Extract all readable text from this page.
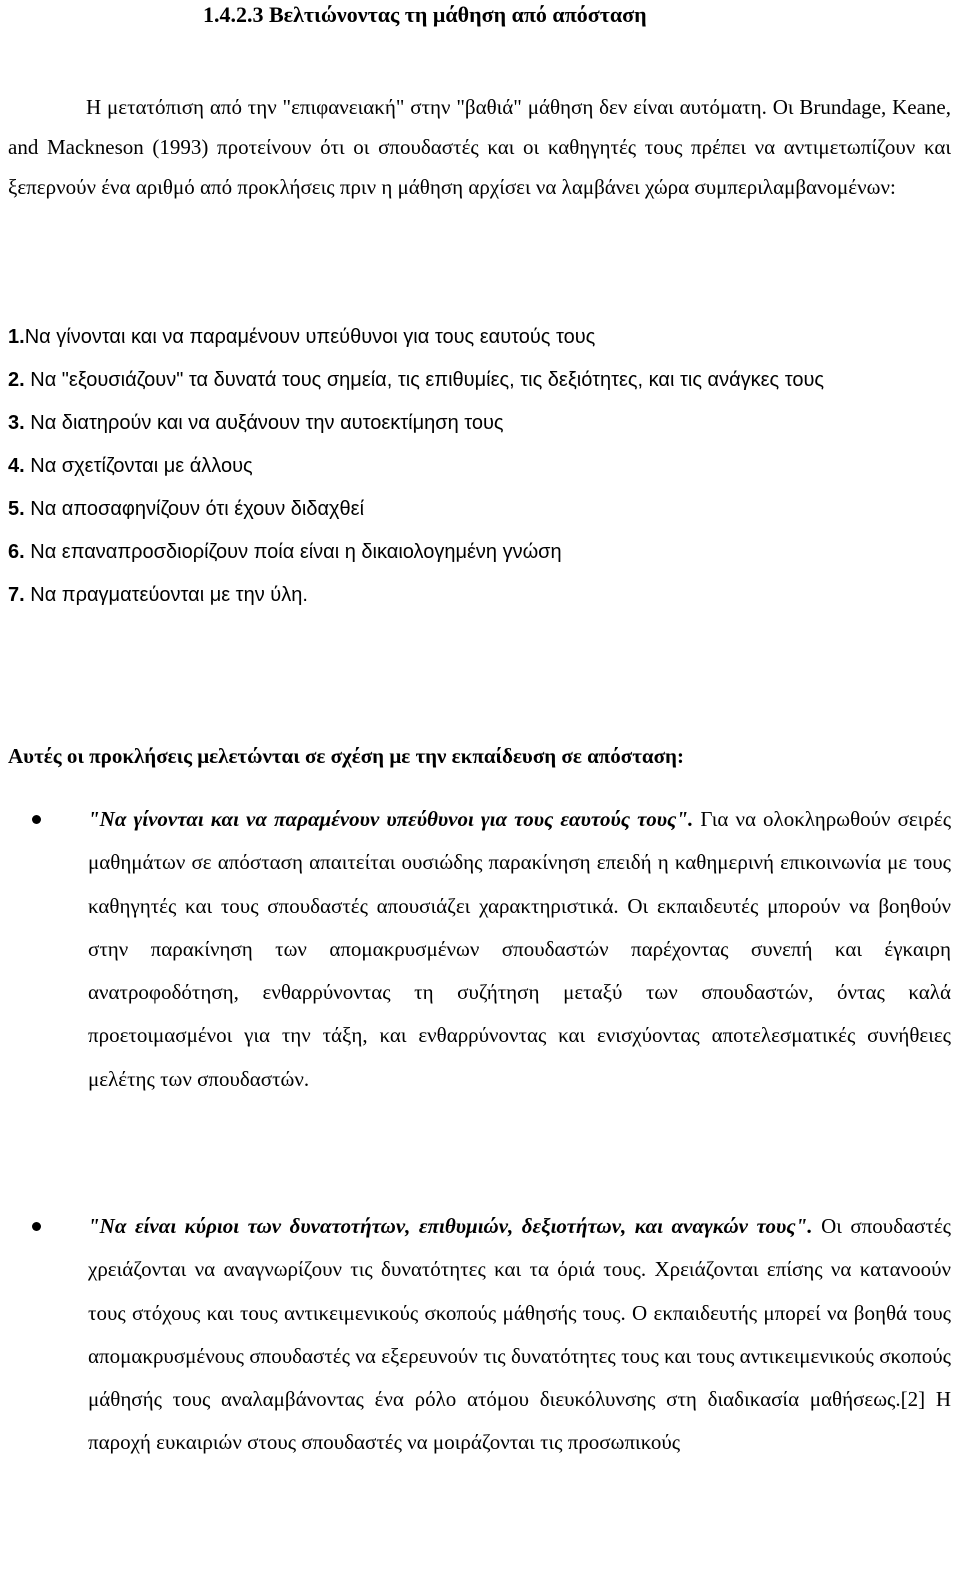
1.4.2.3 Βελτιώνοντας τη μάθηση από απόσταση

Η μετατόπιση από την "επιφανειακή" στην "βαθιά" μάθηση δεν είναι αυτόματη. Οι Brundage, Keane, and Mackneson (1993) προτείνουν ότι οι σπουδαστές και οι καθηγητές τους πρέπει να αντιμετωπίζουν και ξεπερνούν ένα αριθμό από προκλήσεις πριν η μάθηση αρχίσει να λαμβάνει χώρα συμπεριλαμβανομένων:

1.Να γίνονται και να παραμένουν υπεύθυνοι για τους εαυτούς τους
2. Να "εξουσιάζουν" τα δυνατά τους σημεία, τις επιθυμίες, τις δεξιότητες, και τις ανάγκες τους
3. Να διατηρούν και να αυξάνουν την αυτοεκτίμηση τους
4. Να σχετίζονται με άλλους
5. Να αποσαφηνίζουν ότι έχουν διδαχθεί
6. Να επαναπροσδιορίζουν ποία είναι η δικαιολογημένη γνώση
7. Να πραγματεύονται με την ύλη.

Αυτές οι προκλήσεις μελετώνται σε σχέση με την εκπαίδευση σε απόσταση:

"Να γίνονται και να παραμένουν υπεύθυνοι για τους εαυτούς τους". Για να ολοκληρωθούν σειρές μαθημάτων σε απόσταση απαιτείται ουσιώδης παρακίνηση επειδή η καθημερινή επικοινωνία με τους καθηγητές και τους σπουδαστές απουσιάζει χαρακτηριστικά. Οι εκπαιδευτές μπορούν να βοηθούν στην παρακίνηση των απομακρυσμένων σπουδαστών παρέχοντας συνεπή και έγκαιρη ανατροφοδότηση, ενθαρρύνοντας τη συζήτηση μεταξύ των σπουδαστών, όντας καλά προετοιμασμένοι για την τάξη, και ενθαρρύνοντας και ενισχύοντας αποτελεσματικές συνήθειες μελέτης των σπουδαστών.
"Να είναι κύριοι των δυνατοτήτων, επιθυμιών, δεξιοτήτων, και αναγκών τους". Οι σπουδαστές χρειάζονται να αναγνωρίζουν τις δυνατότητες και τα όριά τους. Χρειάζονται επίσης να κατανοούν τους στόχους και τους αντικειμενικούς σκοπούς μάθησής τους. Ο εκπαιδευτής μπορεί να βοηθά τους απομακρυσμένους σπουδαστές να εξερευνούν τις δυνατότητες τους και τους αντικειμενικούς σκοπούς μάθησής τους αναλαμβάνοντας ένα ρόλο ατόμου διευκόλυνσης στη διαδικασία μαθήσεως.[2] Η παροχή ευκαιριών στους σπουδαστές να μοιράζονται τις προσωπικούς
